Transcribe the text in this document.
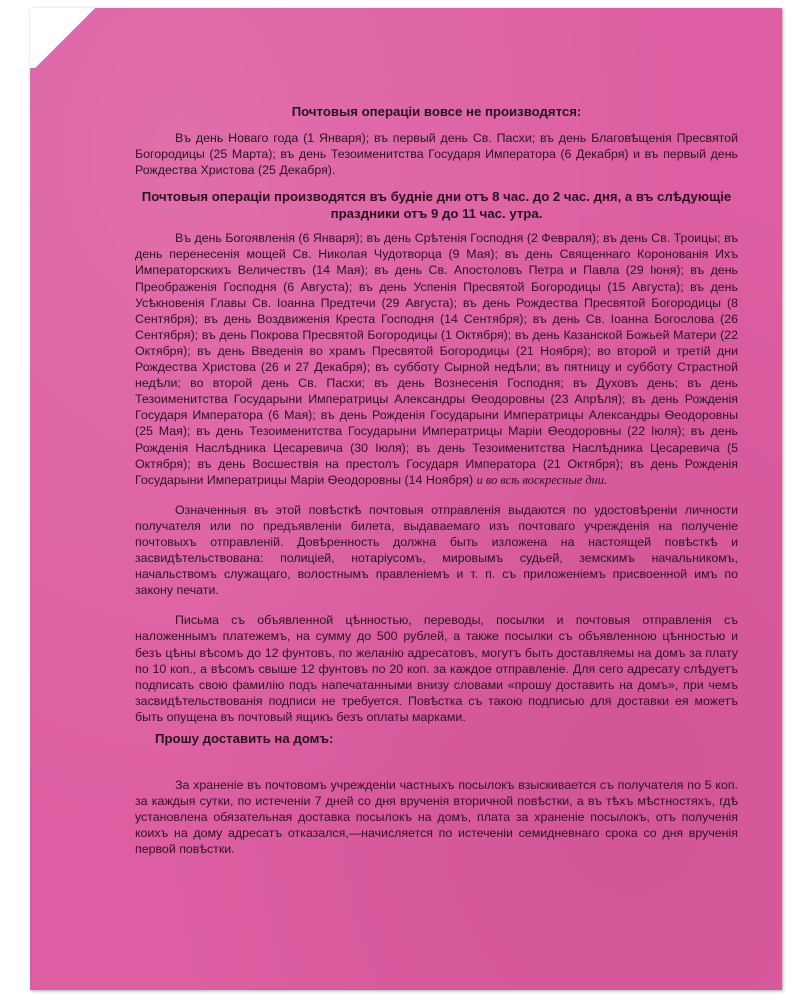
Почтовыя операціи вовсе не производятся:
Въ день Новаго года (1 Января); въ первый день Св. Пасхи; въ день Благовѣщенія Пресвятой Богородицы (25 Марта); въ день Тезоименитства Государя Императора (6 Декабря) и въ первый день Рождества Христова (25 Декабря).
Почтовыя операціи производятся въ будніе дни отъ 8 час. до 2 час. дня, а въ слѣдующіе праздники отъ 9 до 11 час. утра.
Въ день Богоявленія (6 Января); въ день Срѣтенія Господня (2 Февраля); въ день Св. Троицы; въ день перенесенія мощей Св. Николая Чудотворца (9 Мая); въ день Священнаго Коронованія Ихъ Императорскихъ Величествъ (14 Мая); въ день Св. Апостоловъ Петра и Павла (29 Іюня); въ день Преображенія Господня (6 Августа); въ день Успенія Пресвятой Богородицы (15 Августа); въ день Усѣкновенія Главы Св. Іоанна Предтечи (29 Августа); въ день Рождества Пресвятой Богородицы (8 Сентября); въ день Воздвиженія Креста Господня (14 Сентября); въ день Св. Іоанна Богослова (26 Сентября); въ день Покрова Пресвятой Богородицы (1 Октября); въ день Казанской Божьей Матери (22 Октября); въ день Введенія во храмъ Пресвятой Богородицы (21 Ноября); во второй и третій дни Рождества Христова (26 и 27 Декабря); въ субботу Сырной недѣли; въ пятницу и субботу Страстной недѣли; во второй день Св. Пасхи; въ день Вознесенія Господня; въ Духовъ день; въ день Тезоименитства Государыни Императрицы Александры Ѳеодоровны (23 Апрѣля); въ день Рожденія Государя Императора (6 Мая); въ день Рожденія Государыни Императрицы Александры Ѳеодоровны (25 Мая); въ день Тезоименитства Государыни Императрицы Маріи Ѳеодоровны (22 Іюля); въ день Рожденія Наслѣдника Цесаревича (30 Іюля); въ день Тезоименитства Наслѣдника Цесаревича (5 Октября); въ день Восшествія на престолъ Государя Императора (21 Октября); въ день Рожденія Государыни Императрицы Маріи Ѳеодоровны (14 Ноября) и во всѣ воскресные дни.
Означенныя въ этой повѣсткѣ почтовыя отправленія выдаются по удостовѣреніи личности получателя или по предъявленіи билета, выдаваемаго изъ почтоваго учрежденія на полученіе почтовыхъ отправленій. Довѣренность должна быть изложена на настоящей повѣсткѣ и засвидѣтельствована: полиціей, нотаріусомъ, мировымъ судьей, земскимъ начальникомъ, начальствомъ служащаго, волостнымъ правленіемъ и т. п. съ приложеніемъ присвоенной имъ по закону печати.
Письма съ объявленной цѣнностью, переводы, посылки и почтовыя отправленія съ наложеннымъ платежемъ, на сумму до 500 рублей, а также посылки съ объявленною цѣнностью и безъ цѣны вѣсомъ до 12 фунтовъ, по желанію адресатовъ, могутъ быть доставляемы на домъ за плату по 10 коп., а вѣсомъ свыше 12 фунтовъ по 20 коп. за каждое отправленіе. Для сего адресату слѣдуетъ подписать свою фамилію подъ напечатанными внизу словами «прошу доставить на домъ», при чемъ засвидѣтельствованія подписи не требуется. Повѣстка съ такою подписью для доставки ея можетъ быть опущена въ почтовый ящикъ безъ оплаты марками.
Прошу доставить на домъ:
За храненіе въ почтовомъ учрежденіи частныхъ посылокъ взыскивается съ получателя по 5 коп. за каждыя сутки, по истеченіи 7 дней со дня врученія вторичной повѣстки, а въ тѣхъ мѣстностяхъ, гдѣ установлена обязательная доставка посылокъ на домъ, плата за храненіе посылокъ, отъ полученія коихъ на дому адресатъ отказался,—начисляется по истеченіи семидневнаго срока со дня врученія первой повѣстки.
